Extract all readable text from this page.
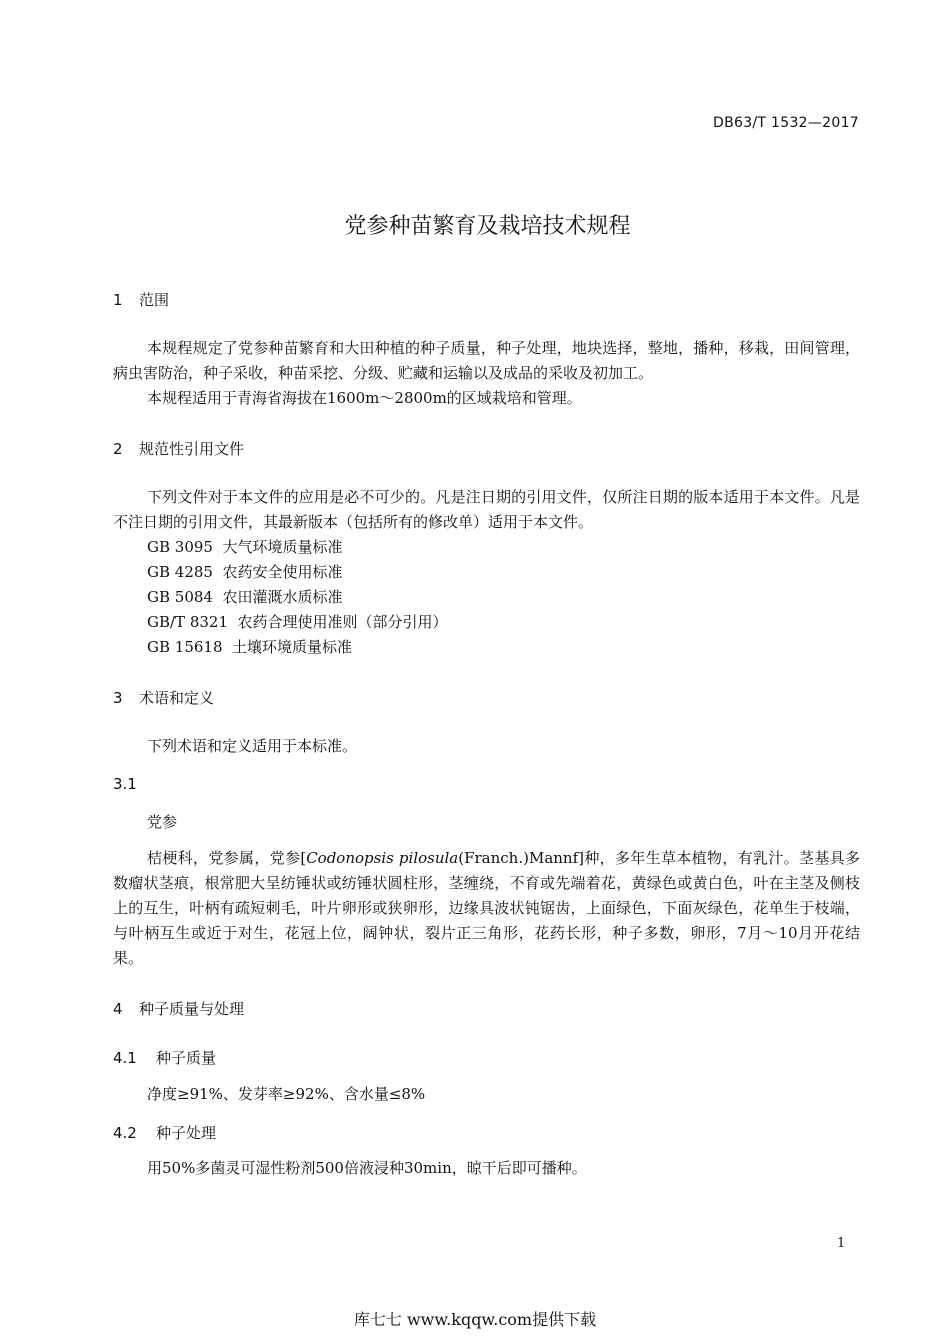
DB63/T 1532—2017
党参种苗繁育及栽培技术规程
1 范围
本规程规定了党参种苗繁育和大田种植的种子质量，种子处理，地块选择，整地，播种，移栽，田间管理，病虫害防治，种子采收，种苗采挖、分级、贮藏和运输以及成品的采收及初加工。
本规程适用于青海省海拔在1600m～2800m的区域栽培和管理。
2 规范性引用文件
下列文件对于本文件的应用是必不可少的。凡是注日期的引用文件，仅所注日期的版本适用于本文件。凡是不注日期的引用文件，其最新版本（包括所有的修改单）适用于本文件。
GB 3095  大气环境质量标准
GB 4285  农药安全使用标准
GB 5084  农田灌溉水质标准
GB/T 8321  农药合理使用准则（部分引用）
GB 15618  土壤环境质量标准
3 术语和定义
下列术语和定义适用于本标准。
3.1
党参
桔梗科，党参属，党参[Codonopsis pilosula(Franch.)Mannf]种，多年生草本植物，有乳汁。茎基具多数瘤状茎痕，根常肥大呈纺锤状或纺锤状圆柱形，茎缠绕，不育或先端着花，黄绿色或黄白色，叶在主茎及侧枝上的互生，叶柄有疏短刺毛，叶片卵形或狭卵形，边缘具波状钝锯齿，上面绿色，下面灰绿色，花单生于枝端，与叶柄互生或近于对生，花冠上位，阔钟状，裂片正三角形，花药长形，种子多数，卵形，7月～10月开花结果。
4 种子质量与处理
4.1 种子质量
净度≥91%、发芽率≥92%、含水量≤8%
4.2 种子处理
用50%多菌灵可湿性粉剂500倍液浸种30min，晾干后即可播种。
1
库七七 www.kqqw.com提供下载
